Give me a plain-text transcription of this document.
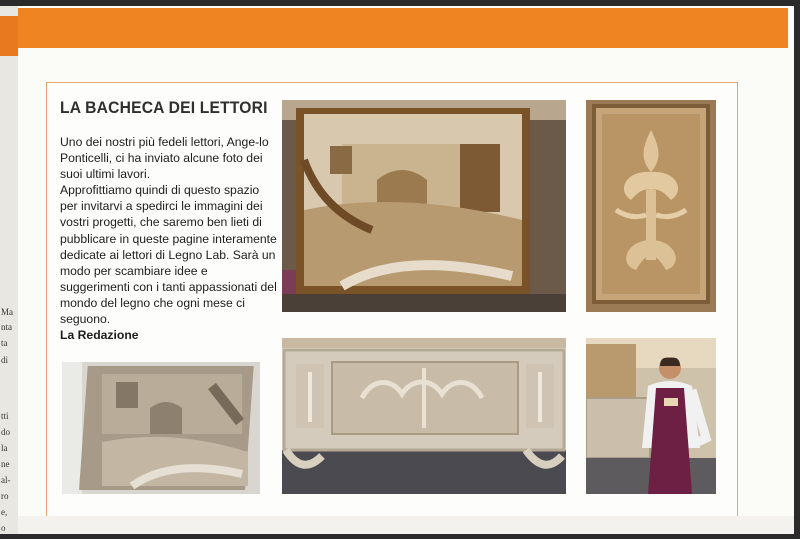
Ma
nta
ta
di
tti
do
la
ne
al-
ro
e,
o
LA BACHECA DEI LETTORI

Uno dei nostri più fedeli lettori, Ange-lo Ponticelli, ci ha inviato alcune foto dei suoi ultimi lavori.

Approfittiamo quindi di questo spazio per invitarvi a spedirci le immagini dei vostri progetti, che saremo ben lieti di pubblicare in queste pagine interamente dedicate ai lettori di Legno Lab. Sarà un modo per scambiare idee e suggerimenti con i tanti appassionati del mondo del legno che ogni mese ci seguono.

La Redazione
